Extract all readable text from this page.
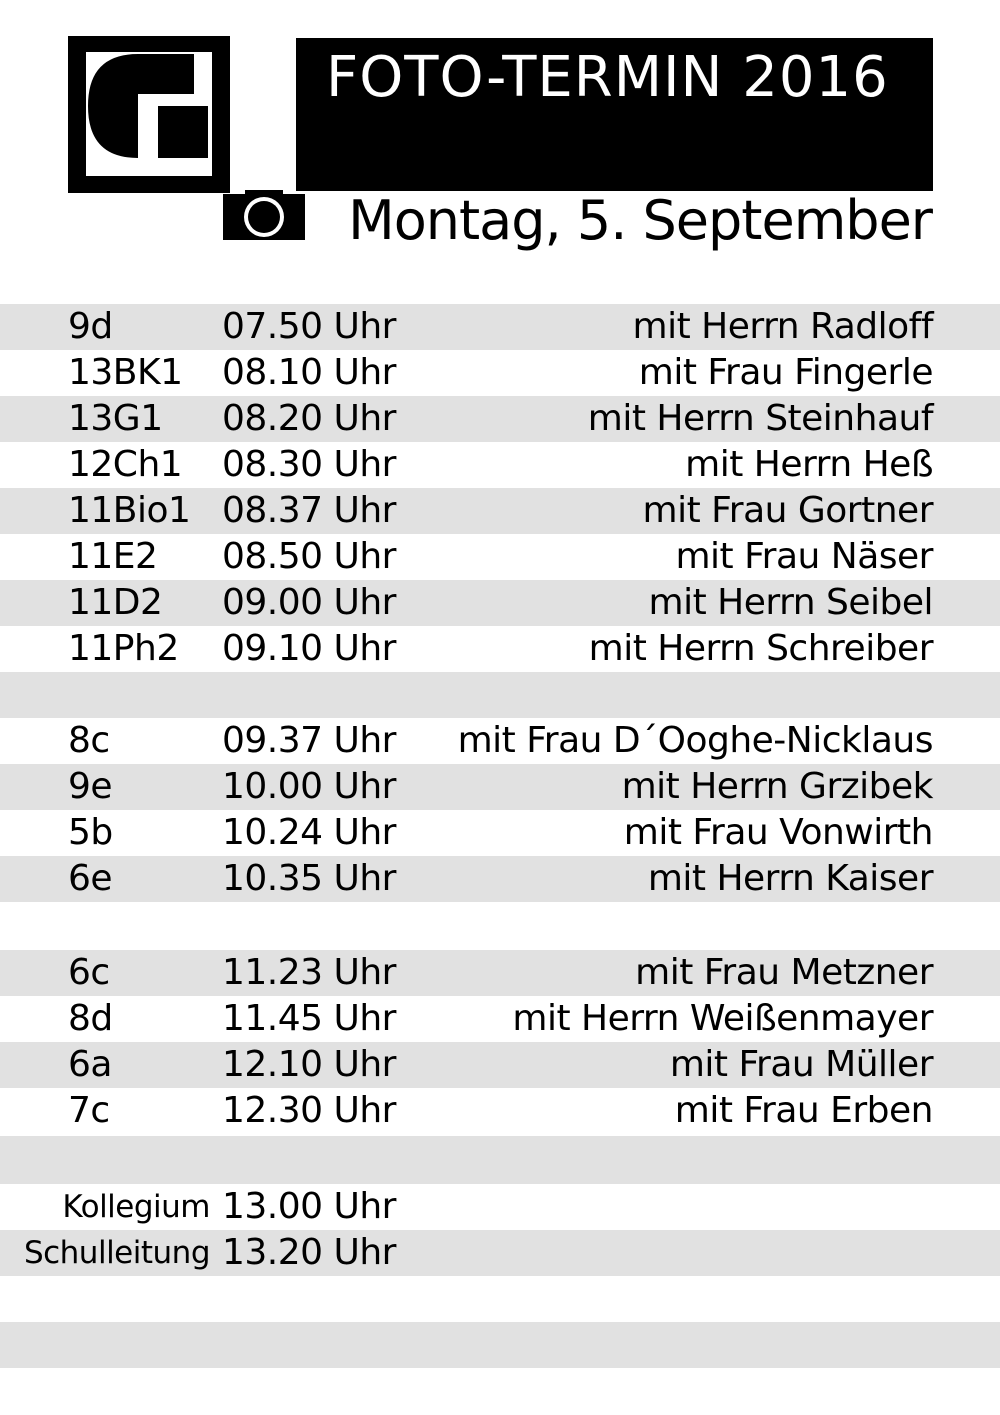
FOTO-TERMIN 2016
Montag, 5. September
9d	07.50 Uhr	mit Herrn Radloff
13BK1 08.10 Uhr	mit Frau Fingerle
13G1 08.20 Uhr	mit Herrn Steinhauf
12Ch1 08.30 Uhr	mit Herrn Heß
11Bio1 08.37 Uhr	mit Frau Gortner
11E2 08.50 Uhr	mit Frau Näser
11D2 09.00 Uhr	mit Herrn Seibel
11Ph2 09.10 Uhr	mit Herrn Schreiber
8c	09.37 Uhr mit Frau D´Ooghe-Nicklaus
9e	10.00 Uhr	mit Herrn Grzibek
5b	10.24 Uhr	mit Frau Vonwirth
6e	10.35 Uhr	mit Herrn Kaiser
6c	11.23 Uhr	mit Frau Metzner
8d	11.45 Uhr	mit Herrn Weißenmayer
6a	12.10 Uhr	mit Frau Müller
7c	12.30 Uhr	mit Frau Erben
Kollegium 13.00 Uhr
Schulleitung 13.20 Uhr
